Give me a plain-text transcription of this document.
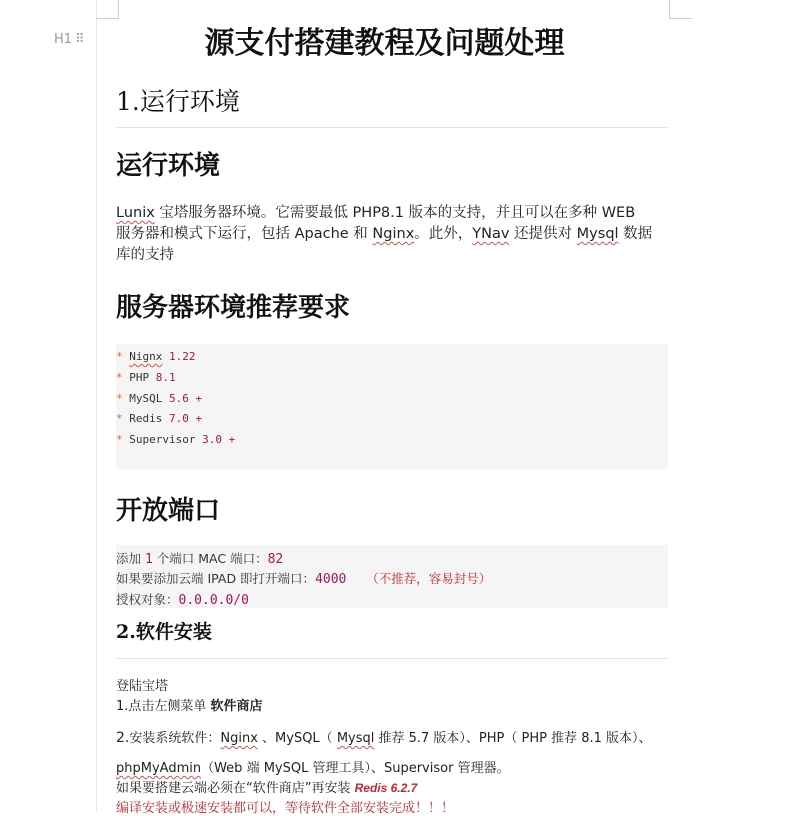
H1 ⠿	源支付搭建教程及问题处理
1.运行环境
运行环境
Lunix 宝塔服务器环境。它需要最低 PHP8.1 版本的支持，并且可以在多种 WEB
服务器和模式下运行，包括 Apache 和 Nginx。此外，YNav 还提供对 Mysql 数据
库的支持
服务器环境推荐要求
* Nignx 1.22
* PHP 8.1
* MySQL 5.6 +
* Redis 7.0 +
* Supervisor 3.0 +
开放端口
添加 1 个端口 MAC 端口：82
如果要添加云端 IPAD 即打开端口：4000 （不推荐，容易封号）
授权对象：0.0.0.0/0
2.软件安装
登陆宝塔
1.点击左侧菜单 软件商店
2.安装系统软件：Nginx 、MySQL（ Mysql 推荐 5.7 版本）、PHP（ PHP 推荐 8.1 版本）、
phpMyAdmin（Web 端 MySQL 管理工具）、Supervisor 管理器。
如果要搭建云端必须在“软件商店”再安装 Redis 6.2.7
编译安装或极速安装都可以，等待软件全部安装完成！！！
